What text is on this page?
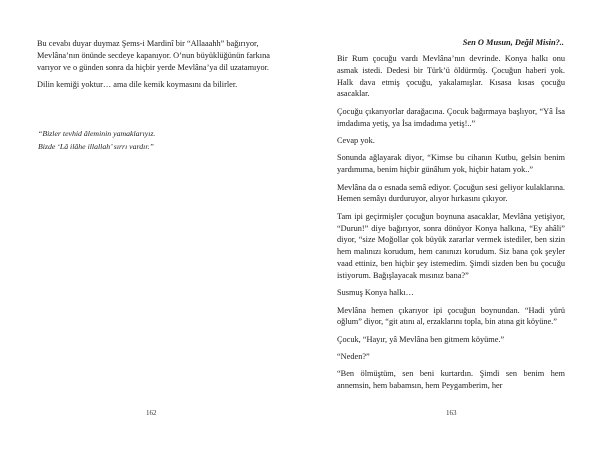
Bu cevabı duyar duymaz Şems-i Mardinî bir “Allaaahh” bağırıyor, Mevlâna’nın önünde secdeye kapanıyor. O’nun büyüklüğünün farkına varıyor ve o günden sonra da hiçbir yerde Mevlâna’ya dil uzatamıyor.

Dilin kemiği yoktur… ama dile kemik koymasını da bilirler.

“Bizler tevhid âleminin yamaklarıyız.

Bizde ‘Lâ ilâhe illallah’ sırrı vardır.”

162
Sen O Musun, Değil Misin?..

Bir Rum çocuğu vardı Mevlâna’nın devrinde. Konya halkı onu asmak istedi. Dedesi bir Türk’ü öldürmüş. Çocuğun haberi yok. Halk dava etmiş çocuğu, yakalamışlar. Kısasa kısas çocuğu asacaklar.

Çocuğu çıkarıyorlar darağacına. Çocuk bağırmaya başlıyor, “Yâ İsa imdadıma yetiş, ya İsa imdadıma yetiş!..”

Cevap yok.

Sonunda ağlayarak diyor, “Kimse bu cihanın Kutbu, gelsin benim yardımıma, benim hiçbir günâhım yok, hiçbir hatam yok..”

Mevlâna da o esnada semâ ediyor. Çocuğun sesi geliyor kulaklarına. Hemen semâyı durduruyor, alıyor hırkasını çıkıyor.

Tam ipi geçirmişler çocuğun boynuna asacaklar, Mevlâna yetişiyor, “Durun!” diye bağırıyor, sonra dönüyor Konya halkına, “Ey ahâli” diyor, “size Moğollar çok büyük zararlar vermek istediler, ben sizin hem malınızı korudum, hem canınızı korudum. Siz bana çok şeyler vaad ettiniz, ben hiçbir şey istemedim. Şimdi sizden ben bu çocuğu istiyorum. Bağışlayacak mısınız bana?”

Susmuş Konya halkı…

Mevlâna hemen çıkarıyor ipi çocuğun boynundan. “Hadi yürü oğlum” diyor, “git atını al, erzaklarını topla, bin atına git köyüne.”

Çocuk, “Hayır, yâ Mevlâna ben gitmem köyüme.”

“Neden?”

“Ben ölmüştüm, sen beni kurtardın. Şimdi sen benim hem annemsin, hem babamsın, hem Peygamberim, her

163
